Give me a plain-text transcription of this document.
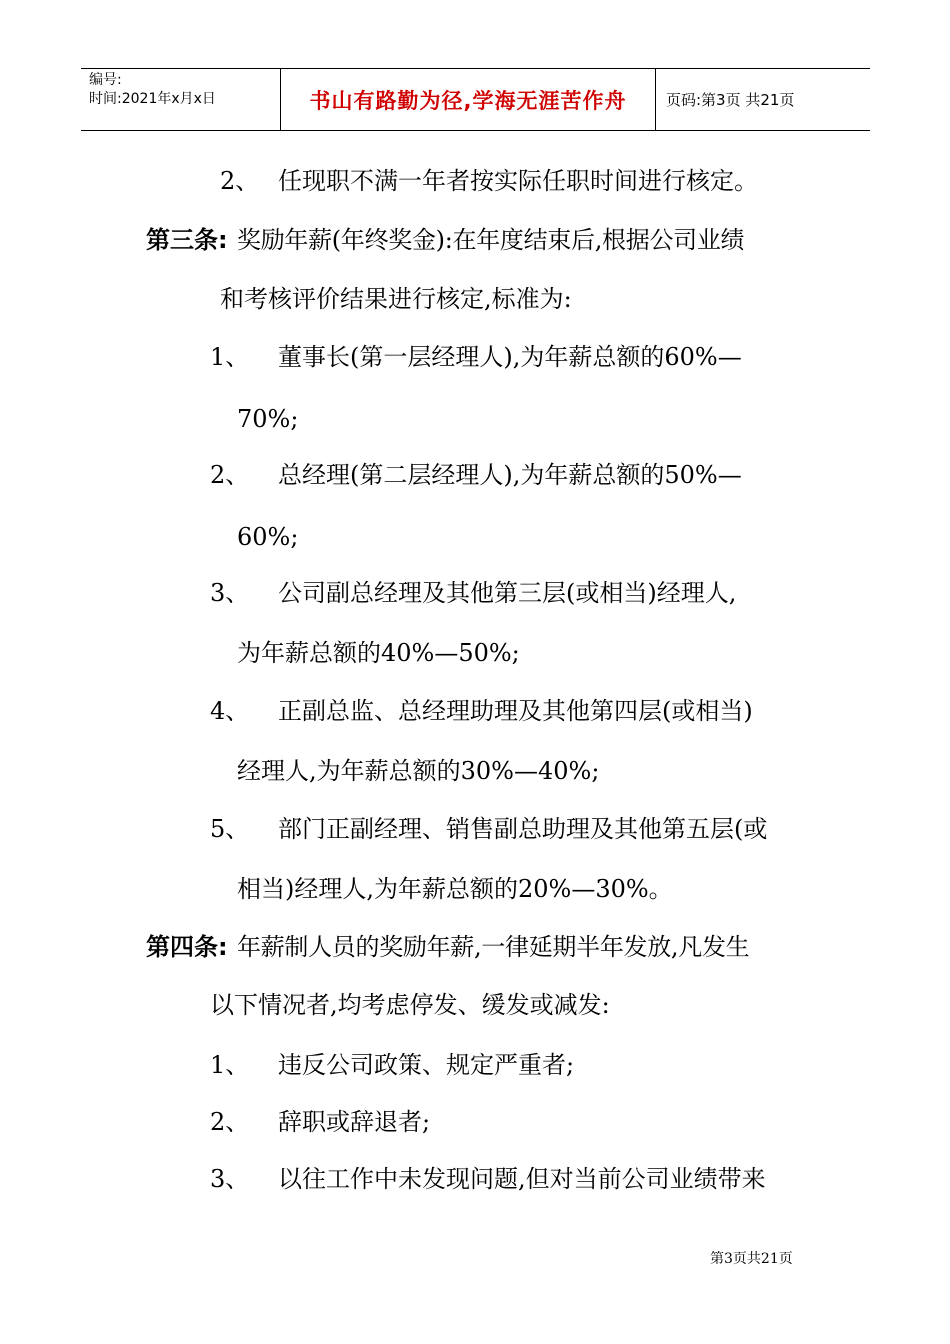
编号:
时间:2021年x月x日	书山有路勤为径,学海无涯苦作舟	页码:第3页 共21页
2、 任现职不满一年者按实际任职时间进行核定。
第三条: 奖励年薪(年终奖金):在年度结束后,根据公司业绩
和考核评价结果进行核定,标准为:
1、 董事长(第一层经理人),为年薪总额的60%—
70%;
2、 总经理(第二层经理人),为年薪总额的50%—
60%;
3、 公司副总经理及其他第三层(或相当)经理人,
为年薪总额的40%—50%;
4、 正副总监、总经理助理及其他第四层(或相当)
经理人,为年薪总额的30%—40%;
5、 部门正副经理、销售副总助理及其他第五层(或
相当)经理人,为年薪总额的20%—30%。
第四条: 年薪制人员的奖励年薪,一律延期半年发放,凡发生
以下情况者,均考虑停发、缓发或减发:
1、 违反公司政策、规定严重者;
2、 辞职或辞退者;
3、 以往工作中未发现问题,但对当前公司业绩带来
第3页共21页
